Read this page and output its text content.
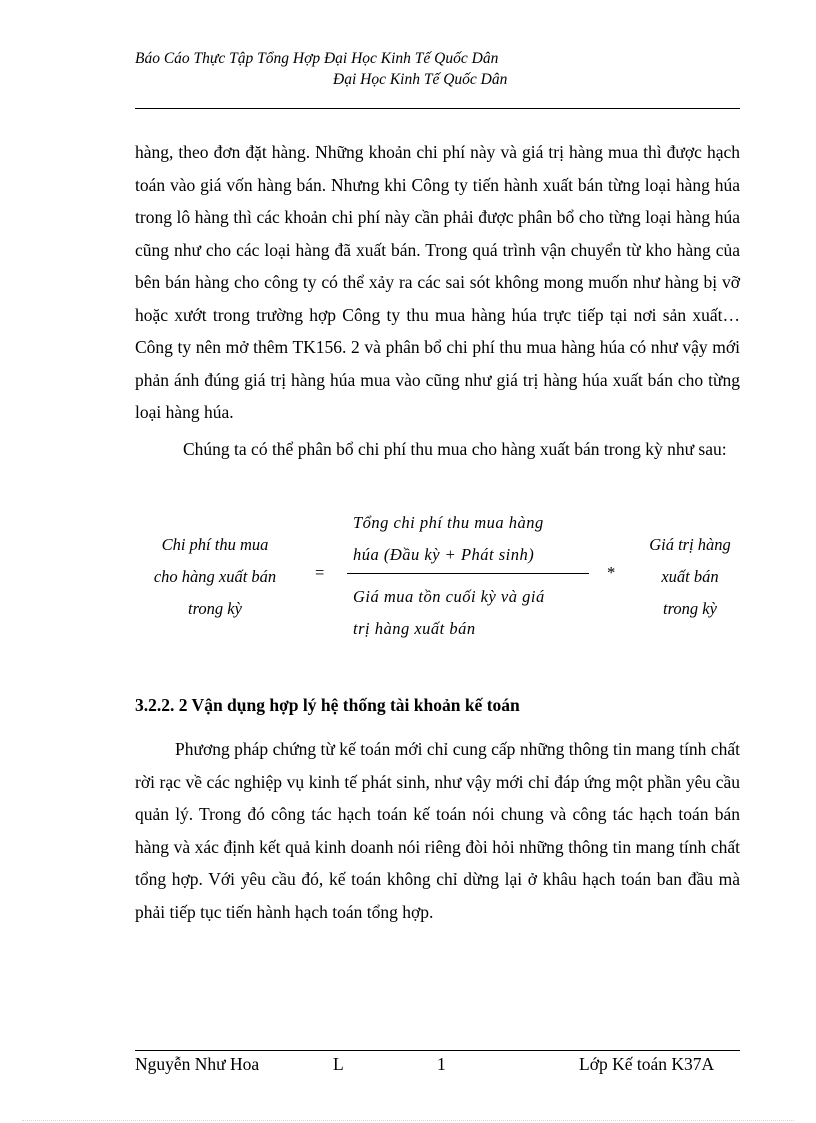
Báo Cáo Thực Tập Tổng Hợp Đại Học Kinh Tế Quốc Dân
Đại Học Kinh Tế Quốc Dân
hàng, theo đơn đặt hàng. Những khoản chi phí này và giá trị hàng mua thì được hạch toán vào giá vốn hàng bán. Nhưng khi Công ty tiến hành xuất bán từng loại hàng húa trong lô hàng thì các khoản chi phí này cần phải được phân bổ cho từng loại hàng húa cũng như cho các loại hàng đã xuất bán. Trong quá trình vận chuyển từ kho hàng của bên bán hàng cho công ty có thể xảy ra các sai sót không mong muốn như hàng bị vỡ hoặc xướt trong trường hợp Công ty thu mua hàng húa trực tiếp tại nơi sản xuất… Công ty nên mở thêm TK156. 2 và phân bổ chi phí thu mua hàng húa có như vậy mới phản ánh đúng giá trị hàng húa mua vào cũng như giá trị hàng húa xuất bán cho từng loại hàng húa.
Chúng ta có thể phân bổ chi phí thu mua cho hàng xuất bán trong kỳ như sau:
Chi phí thu mua
cho hàng xuất bán
trong kỳ
=
Tổng chi phí thu mua hàng
húa (Đầu kỳ + Phát sinh)
Giá mua tồn cuối kỳ và giá
trị hàng xuất bán
*
Giá trị hàng
xuất bán
trong kỳ
3.2.2. 2 Vận dụng hợp lý hệ thống tài khoản kế toán
Phương pháp chứng từ kế toán mới chỉ cung cấp những thông tin mang tính chất rời rạc về các nghiệp vụ kinh tế phát sinh, như vậy mới chỉ đáp ứng một phần yêu cầu quản lý. Trong đó công tác hạch toán kế toán nói chung và công tác hạch toán bán hàng và xác định kết quả kinh doanh nói riêng đòi hỏi những thông tin mang tính chất tổng hợp. Với yêu cầu đó, kế toán không chỉ dừng lại ở khâu hạch toán ban đầu mà phải tiếp tục tiến hành hạch toán tổng hợp.
Nguyễn Như Hoa	L	1	Lớp Kế toán K37A
